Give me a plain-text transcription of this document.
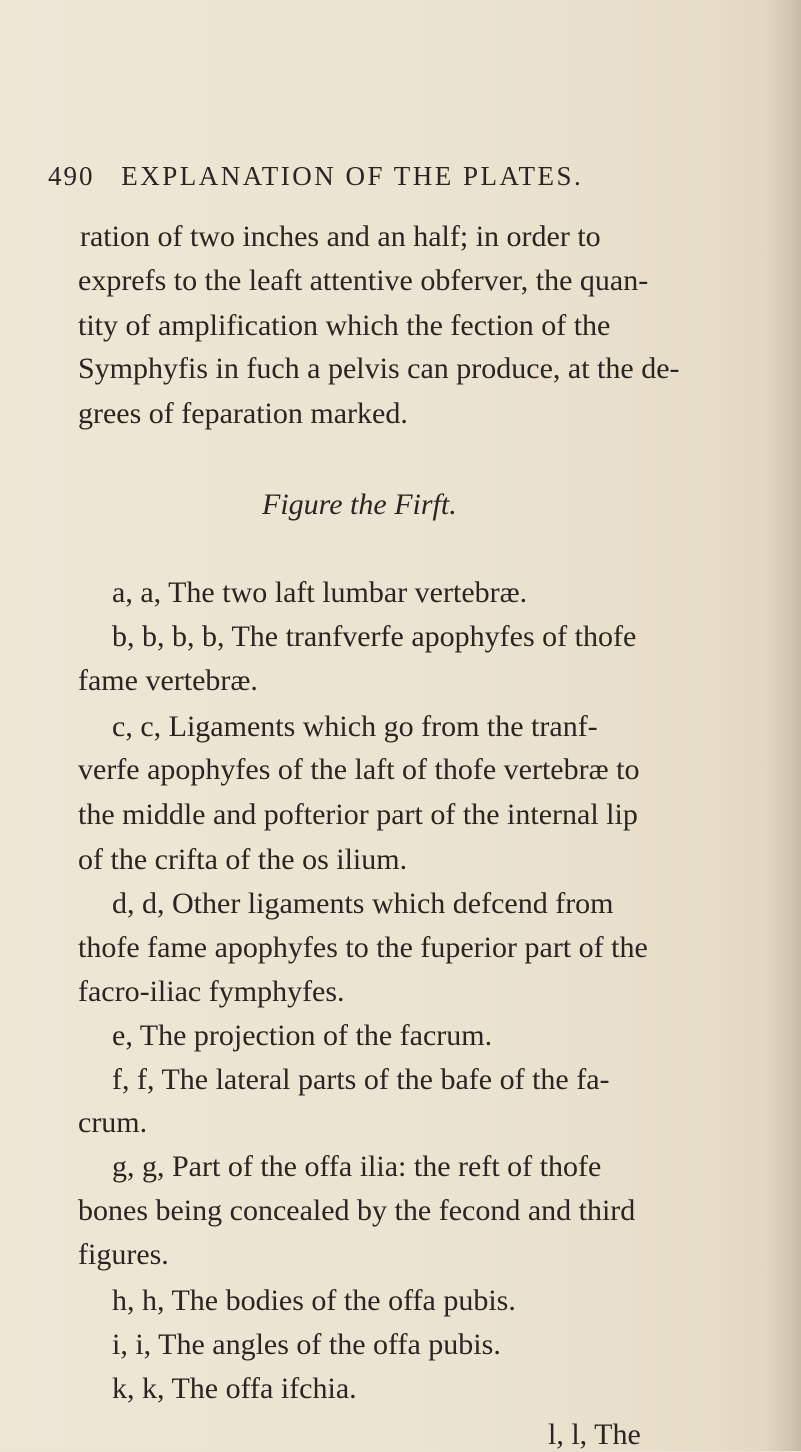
490 EXPLANATION OF THE PLATES.
ration of two inches and an half; in order to
exprefs to the leaft attentive obferver, the quan-
tity of amplification which the fection of the
Symphyfis in fuch a pelvis can produce, at the de-
grees of feparation marked.
Figure the Firft.
a, a, The two laft lumbar vertebræ.
b, b, b, b, The tranfverfe apophyfes of thofe
fame vertebræ.
c, c, Ligaments which go from the tranf-
verfe apophyfes of the laft of thofe vertebræ to
the middle and pofterior part of the internal lip
of the crifta of the os ilium.
d, d, Other ligaments which defcend from
thofe fame apophyfes to the fuperior part of the
facro-iliac fymphyfes.
e, The projection of the facrum.
f, f, The lateral parts of the bafe of the fa-
crum.
g, g, Part of the offa ilia: the reft of thofe
bones being concealed by the fecond and third
figures.
h, h, The bodies of the offa pubis.
i, i, The angles of the offa pubis.
k, k, The offa ifchia.
l, l, The
